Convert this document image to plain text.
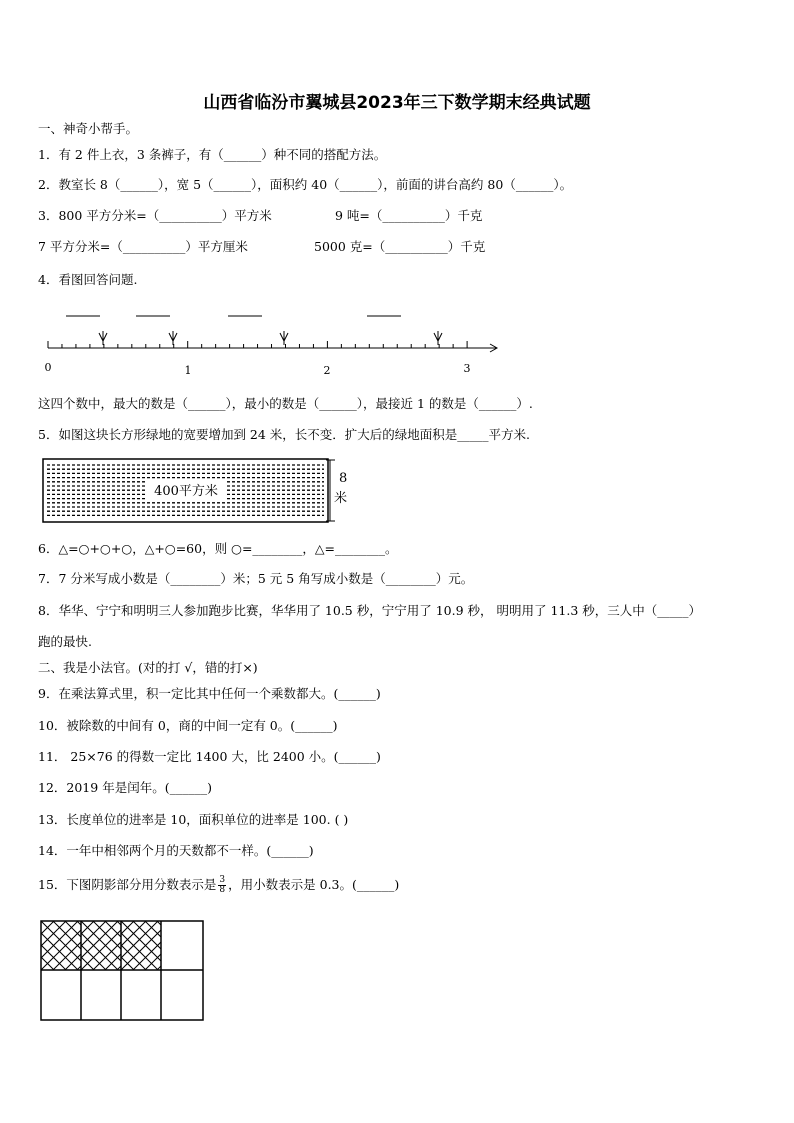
山西省临汾市翼城县2023年三下数学期末经典试题
一、神奇小帮手。
1．有 2 件上衣，3 条裤子，有（______）种不同的搭配方法。
2．教室长 8（______），宽 5（______），面积约 40（______），前面的讲台高约 80（______）。
3．800 平方分米=（__________）平方米	9 吨=（__________）千克
7 平方分米=（__________）平方厘米	5000 克=（__________）千克
4．看图回答问题.
0	1	2	3
这四个数中，最大的数是（______），最小的数是（______），最接近 1 的数是（______）.
5．如图这块长方形绿地的宽要增加到 24 米，长不变．扩大后的绿地面积是_____平方米.
400平方米
8
米
6．△=○+○+○，△+○=60，则 ○=________，△=________。
7．7 分米写成小数是（________）米；5 元 5 角写成小数是（________）元。
8．华华、宁宁和明明三人参加跑步比赛，华华用了 10.5 秒，宁宁用了 10.9 秒， 明明用了 11.3 秒，三人中（_____）
跑的最快.
二、我是小法官。(对的打 √，错的打×)
9．在乘法算式里，积一定比其中任何一个乘数都大。(______)
10．被除数的中间有 0，商的中间一定有 0。(______)
11． 25×76 的得数一定比 1400 大，比 2400 小。(______)
12．2019 年是闰年。(______)
13．长度单位的进率是 10，面积单位的进率是 100. ( )
14．一年中相邻两个月的天数都不一样。(______)
15．下图阴影部分用分数表示是 $\frac{3}{8}$ ，用小数表示是 0.3。(______)
